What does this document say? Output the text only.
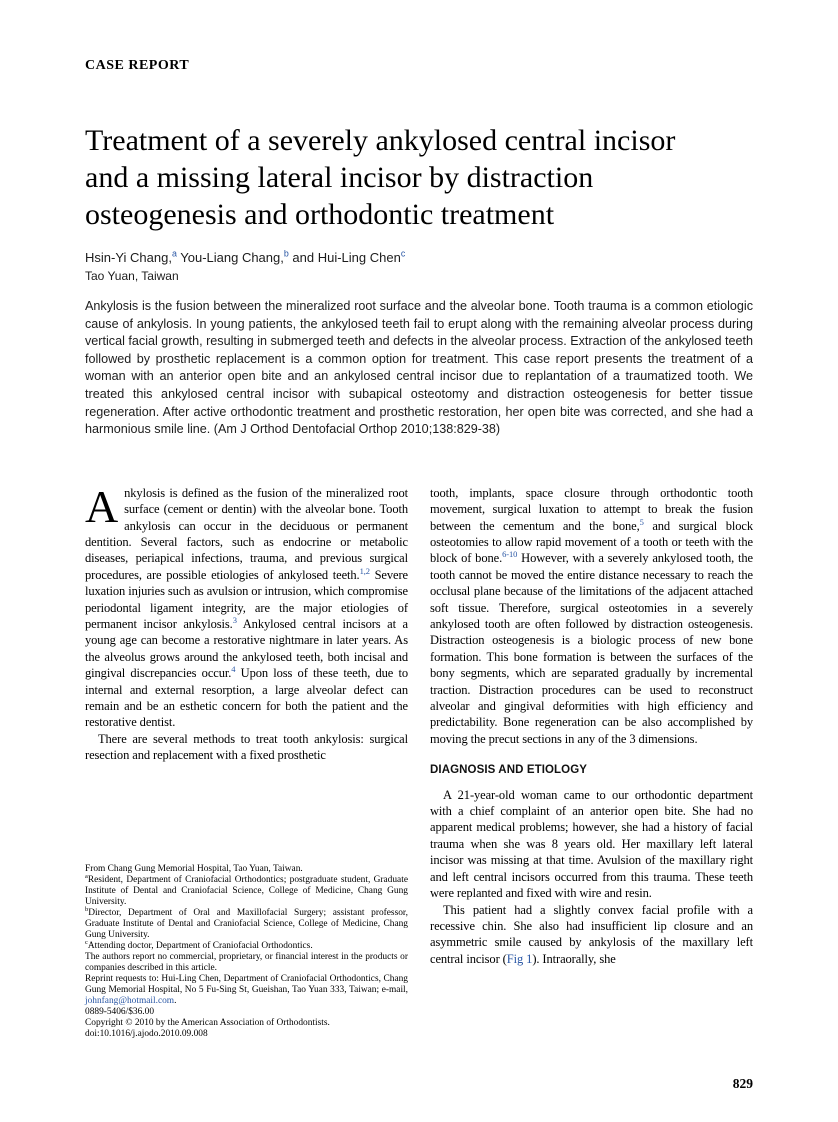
CASE REPORT
Treatment of a severely ankylosed central incisor
and a missing lateral incisor by distraction
osteogenesis and orthodontic treatment
Hsin-Yi Chang,$^a$ You-Liang Chang,$^b$ and Hui-Ling Chen$^c$
Tao Yuan, Taiwan

Ankylosis is the fusion between the mineralized root surface and the alveolar bone. Tooth trauma is a common etiologic cause of ankylosis. In young patients, the ankylosed teeth fail to erupt along with the remaining alveolar process during vertical facial growth, resulting in submerged teeth and defects in the alveolar process. Extraction of the ankylosed teeth followed by prosthetic replacement is a common option for treatment. This case report presents the treatment of a woman with an anterior open bite and an ankylosed central incisor due to replantation of a traumatized tooth. We treated this ankylosed central incisor with subapical osteotomy and distraction osteogenesis for better tissue regeneration. After active orthodontic treatment and prosthetic restoration, her open bite was corrected, and she had a harmonious smile line. (Am J Orthod Dentofacial Orthop 2010;138:829-38)

Ankylosis is defined as the fusion of the mineralized root surface (cement or dentin) with the alveolar bone. Tooth ankylosis can occur in the deciduous or permanent dentition. Several factors, such as endocrine or metabolic diseases, periapical infections, trauma, and previous surgical procedures, are possible etiologies of ankylosed teeth.$^{1,2}$ Severe luxation injuries such as avulsion or intrusion, which compromise periodontal ligament integrity, are the major etiologies of permanent incisor ankylosis.$^3$ Ankylosed central incisors at a young age can become a restorative nightmare in later years. As the alveolus grows around the ankylosed teeth, both incisal and gingival discrepancies occur.$^4$ Upon loss of these teeth, due to internal and external resorption, a large alveolar defect can remain and be an esthetic concern for both the patient and the restorative dentist.

There are several methods to treat tooth ankylosis: surgical resection and replacement with a fixed prosthetic

From Chang Gung Memorial Hospital, Tao Yuan, Taiwan.
$^a$Resident, Department of Craniofacial Orthodontics; postgraduate student, Graduate Institute of Dental and Craniofacial Science, College of Medicine, Chang Gung University.
$^b$Director, Department of Oral and Maxillofacial Surgery; assistant professor, Graduate Institute of Dental and Craniofacial Science, College of Medicine, Chang Gung University.
$^c$Attending doctor, Department of Craniofacial Orthodontics.
The authors report no commercial, proprietary, or financial interest in the products or companies described in this article.
Reprint requests to: Hui-Ling Chen, Department of Craniofacial Orthodontics, Chang Gung Memorial Hospital, No 5 Fu-Sing St, Gueishan, Tao Yuan 333, Taiwan; e-mail, johnfang@hotmail.com.
0889-5406/$36.00
Copyright © 2010 by the American Association of Orthodontists.
doi:10.1016/j.ajodo.2010.09.008

tooth, implants, space closure through orthodontic tooth movement, surgical luxation to attempt to break the fusion between the cementum and the bone,$^5$ and surgical block osteotomies to allow rapid movement of a tooth or teeth with the block of bone.$^{6-10}$ However, with a severely ankylosed tooth, the tooth cannot be moved the entire distance necessary to reach the occlusal plane because of the limitations of the adjacent attached soft tissue. Therefore, surgical osteotomies in a severely ankylosed tooth are often followed by distraction osteogenesis. Distraction osteogenesis is a biologic process of new bone formation. This bone formation is between the surfaces of the bony segments, which are separated gradually by incremental traction. Distraction procedures can be used to reconstruct alveolar and gingival deformities with high efficiency and predictability. Bone regeneration can be also accomplished by moving the precut sections in any of the 3 dimensions.

DIAGNOSIS AND ETIOLOGY

A 21-year-old woman came to our orthodontic department with a chief complaint of an anterior open bite. She had no apparent medical problems; however, she had a history of facial trauma when she was 8 years old. Her maxillary left lateral incisor was missing at that time. Avulsion of the maxillary right and left central incisors occurred from this trauma. These teeth were replanted and fixed with wire and resin.

This patient had a slightly convex facial profile with a recessive chin. She also had insufficient lip closure and an asymmetric smile caused by ankylosis of the maxillary left central incisor (Fig 1). Intraorally, she

829
